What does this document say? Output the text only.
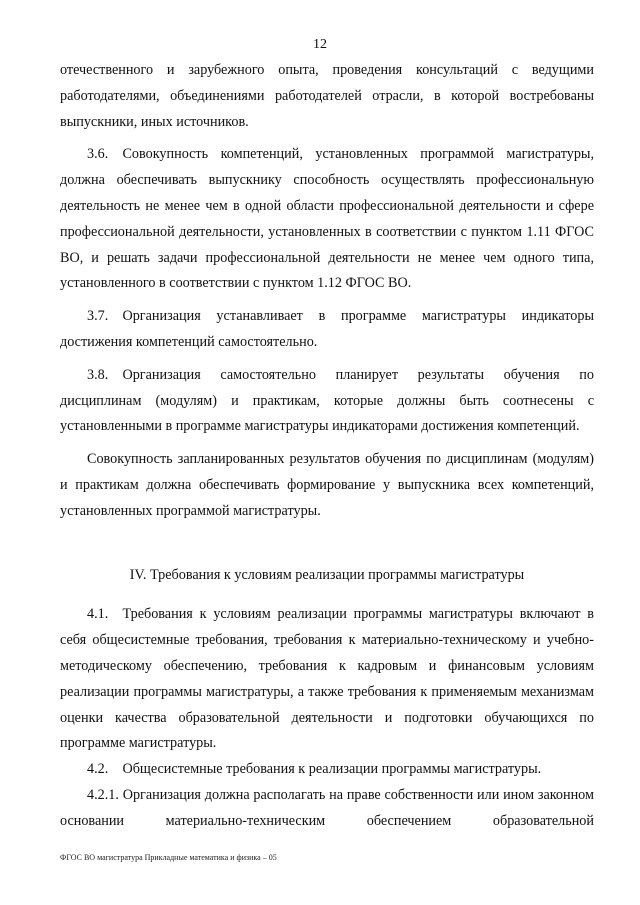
12

отечественного и зарубежного опыта, проведения консультаций с ведущими работодателями, объединениями работодателей отрасли, в которой востребованы выпускники, иных источников.

3.6. Совокупность компетенций, установленных программой магистратуры, должна обеспечивать выпускнику способность осуществлять профессиональную деятельность не менее чем в одной области профессиональной деятельности и сфере профессиональной деятельности, установленных в соответствии с пунктом 1.11 ФГОС ВО, и решать задачи профессиональной деятельности не менее чем одного типа, установленного в соответствии с пунктом 1.12 ФГОС ВО.

3.7. Организация устанавливает в программе магистратуры индикаторы достижения компетенций самостоятельно.

3.8. Организация самостоятельно планирует результаты обучения по дисциплинам (модулям) и практикам, которые должны быть соотнесены с установленными в программе магистратуры индикаторами достижения компетенций.

Совокупность запланированных результатов обучения по дисциплинам (модулям) и практикам должна обеспечивать формирование у выпускника всех компетенций, установленных программой магистратуры.

IV. Требования к условиям реализации программы магистратуры

4.1. Требования к условиям реализации программы магистратуры включают в себя общесистемные требования, требования к материально-техническому и учебно-методическому обеспечению, требования к кадровым и финансовым условиям реализации программы магистратуры, а также требования к применяемым механизмам оценки качества образовательной деятельности и подготовки обучающихся по программе магистратуры.

4.2. Общесистемные требования к реализации программы магистратуры.

4.2.1. Организация должна располагать на праве собственности или ином законном основании материально-техническим обеспечением образовательной

ФГОС ВО магистратура Прикладные математика и физика – 05
